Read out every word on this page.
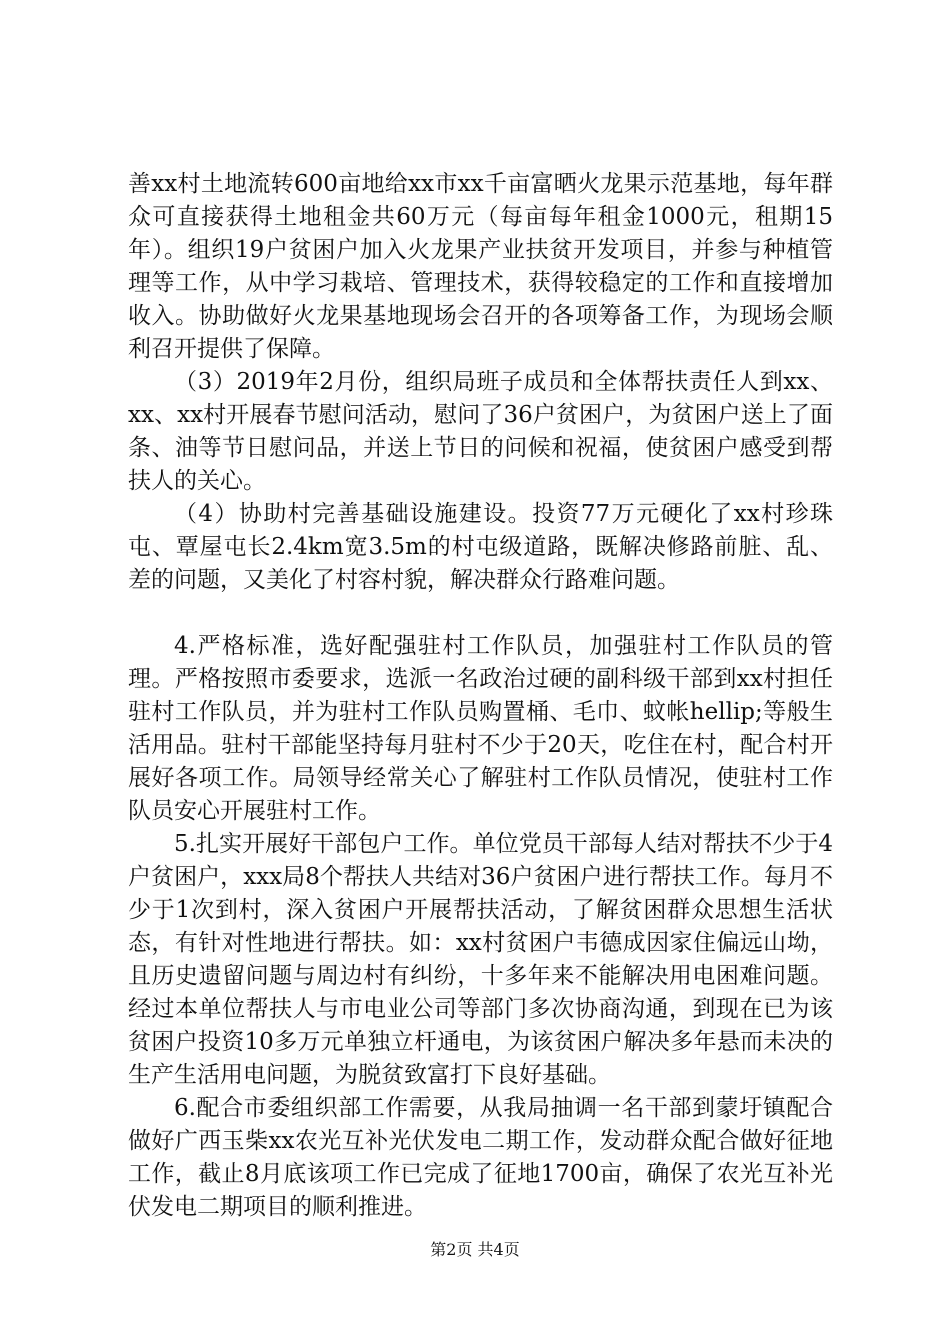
善xx村土地流转600亩地给xx市xx千亩富晒火龙果示范基地，每年群众可直接获得土地租金共60万元（每亩每年租金1000元，租期15年）。组织19户贫困户加入火龙果产业扶贫开发项目，并参与种植管理等工作，从中学习栽培、管理技术，获得较稳定的工作和直接增加收入。协助做好火龙果基地现场会召开的各项筹备工作，为现场会顺利召开提供了保障。

（3）2019年2月份，组织局班子成员和全体帮扶责任人到xx、xx、xx村开展春节慰问活动，慰问了36户贫困户，为贫困户送上了面条、油等节日慰问品，并送上节日的问候和祝福，使贫困户感受到帮扶人的关心。

（4）协助村完善基础设施建设。投资77万元硬化了xx村珍珠屯、覃屋屯长2.4km宽3.5m的村屯级道路，既解决修路前脏、乱、差的问题，又美化了村容村貌，解决群众行路难问题。

4.严格标准，选好配强驻村工作队员，加强驻村工作队员的管理。严格按照市委要求，选派一名政治过硬的副科级干部到xx村担任驻村工作队员，并为驻村工作队员购置桶、毛巾、蚊帐hellip;等般生活用品。驻村干部能坚持每月驻村不少于20天，吃住在村，配合村开展好各项工作。局领导经常关心了解驻村工作队员情况，使驻村工作队员安心开展驻村工作。

5.扎实开展好干部包户工作。单位党员干部每人结对帮扶不少于4户贫困户，xxx局8个帮扶人共结对36户贫困户进行帮扶工作。每月不少于1次到村，深入贫困户开展帮扶活动，了解贫困群众思想生活状态，有针对性地进行帮扶。如：xx村贫困户韦德成因家住偏远山坳，且历史遗留问题与周边村有纠纷，十多年来不能解决用电困难问题。经过本单位帮扶人与市电业公司等部门多次协商沟通，到现在已为该贫困户投资10多万元单独立杆通电，为该贫困户解决多年悬而未决的生产生活用电问题，为脱贫致富打下良好基础。

6.配合市委组织部工作需要，从我局抽调一名干部到蒙圩镇配合做好广西玉柴xx农光互补光伏发电二期工作，发动群众配合做好征地工作，截止8月底该项工作已完成了征地1700亩，确保了农光互补光伏发电二期项目的顺利推进。

第2页 共4页
